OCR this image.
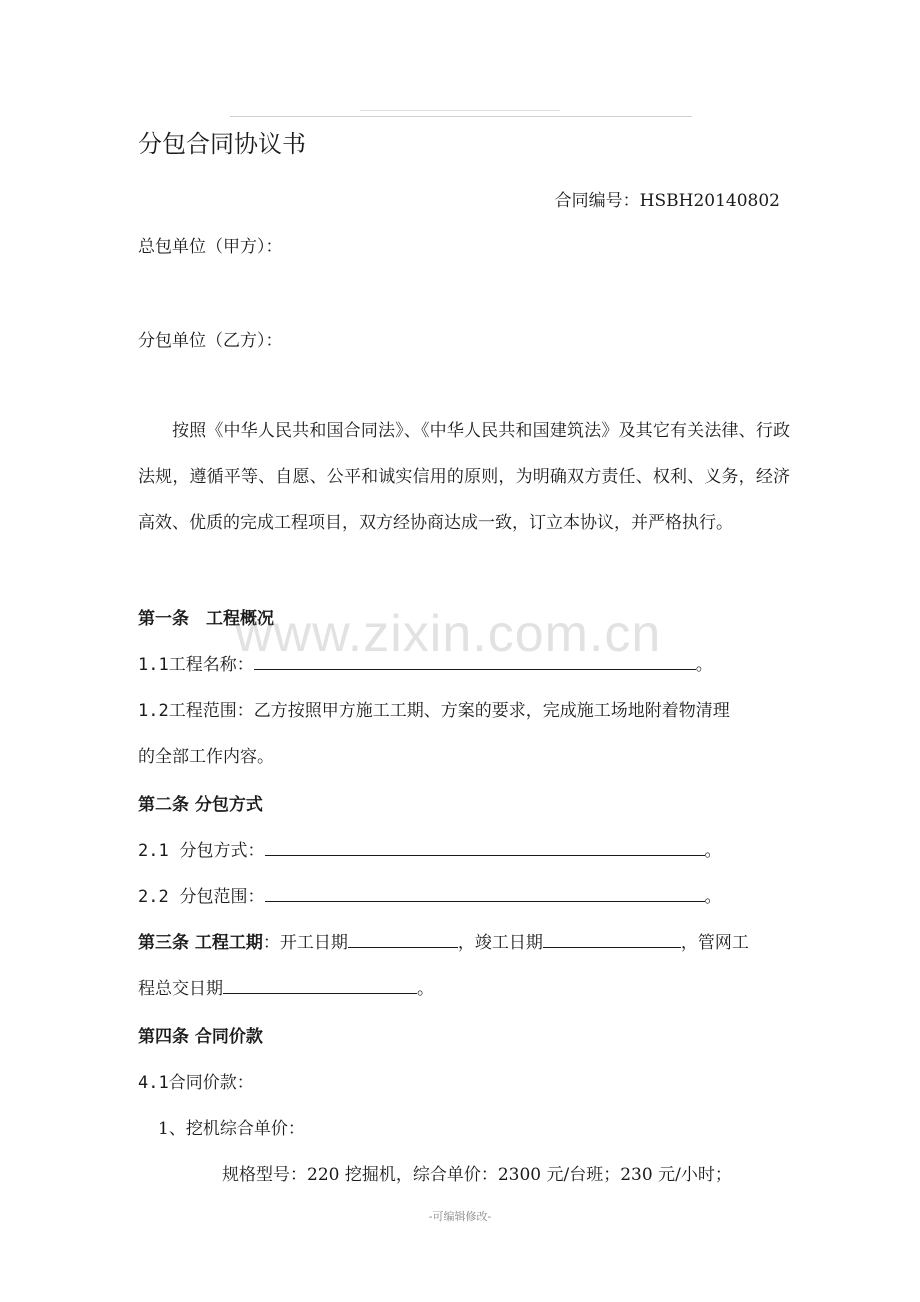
分包合同协议书
合同编号：HSBH20140802
总包单位（甲方）：
分包单位（乙方）：
按照《中华人民共和国合同法》、《中华人民共和国建筑法》及其它有关法律、行政法规，遵循平等、自愿、公平和诚实信用的原则，为明确双方责任、权利、义务，经济高效、优质的完成工程项目，双方经协商达成一致，订立本协议，并严格执行。
第一条　工程概况
1.1工程名称：	。
1.2工程范围：乙方按照甲方施工工期、方案的要求，完成施工场地附着物清理
的全部工作内容。
第二条 分包方式
2.1 分包方式：	。
2.2 分包范围：	。
第三条 工程工期：开工日期	，竣工日期	，管网工
程总交日期	。
第四条 合同价款
4.1合同价款：
1、挖机综合单价：
规格型号：220 挖掘机，综合单价：2300 元/台班；230 元/小时；
www.zixin.com.cn
-可编辑修改-
